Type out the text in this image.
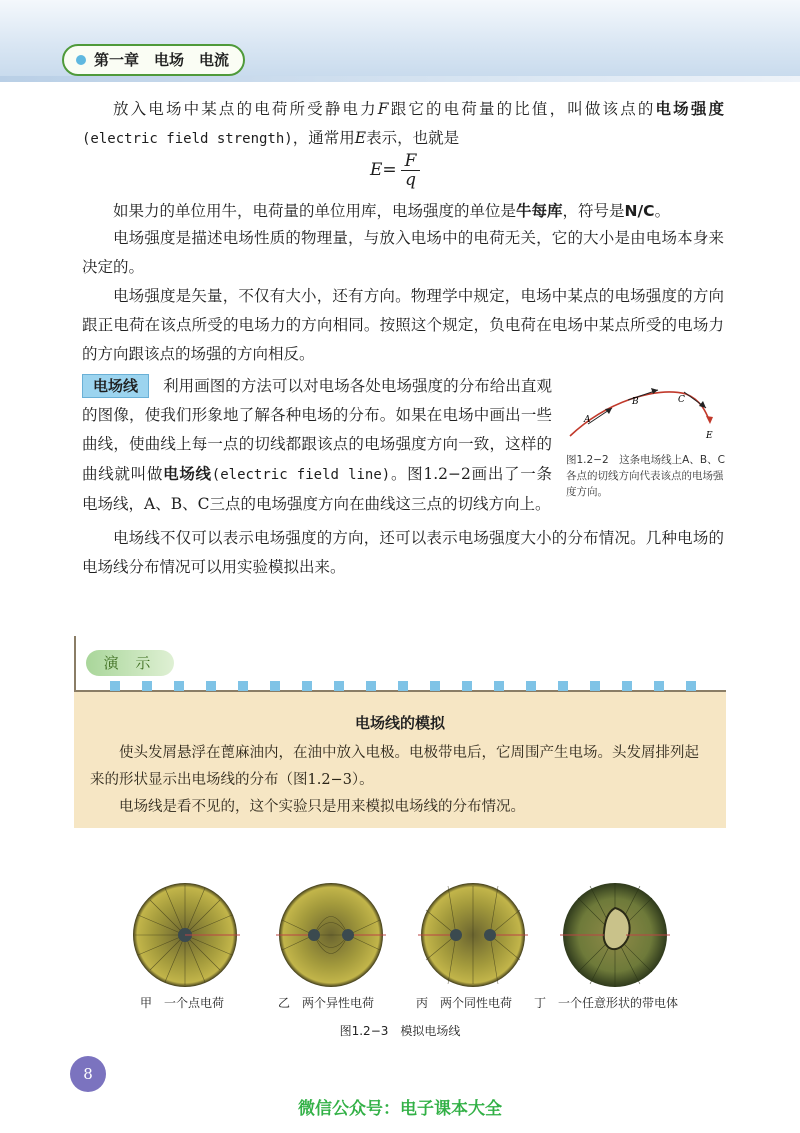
第一章　电场　电流

放入电场中某点的电荷所受静电力F跟它的电荷量的比值，叫做该点的电场强度(electric field strength)，通常用E表示，也就是

$E = \frac{F}{q}$

如果力的单位用牛，电荷量的单位用库，电场强度的单位是牛每库，符号是N/C。

电场强度是描述电场性质的物理量，与放入电场中的电荷无关，它的大小是由电场本身来决定的。

电场强度是矢量，不仅有大小，还有方向。物理学中规定，电场中某点的电场强度的方向跟正电荷在该点所受的电场力的方向相同。按照这个规定，负电荷在电场中某点所受的电场力的方向跟该点的场强的方向相反。

电场线 利用画图的方法可以对电场各处电场强度的分布给出直观的图像，使我们形象地了解各种电场的分布。如果在电场中画出一些曲线，使曲线上每一点的切线都跟该点的电场强度方向一致，这样的曲线就叫做电场线(electric field line)。图1.2−2画出了一条电场线，A、B、C三点的电场强度方向在曲线这三点的切线方向上。

A
B	C
E
图1.2−2　这条电场线上A、B、C各点的切线方向代表该点的电场强度方向。

电场线不仅可以表示电场强度的方向，还可以表示电场强度大小的分布情况。几种电场的电场线分布情况可以用实验模拟出来。

演 示
电场线的模拟

使头发屑悬浮在蓖麻油内，在油中放入电极。电极带电后，它周围产生电场。头发屑排列起来的形状显示出电场线的分布（图1.2−3）。

电场线是看不见的，这个实验只是用来模拟电场线的分布情况。

甲　一个点电荷	乙　两个异性电荷	丙　两个同性电荷 丁　一个任意形状的带电体
图1.2−3　模拟电场线
8
微信公众号：电子课本大全
